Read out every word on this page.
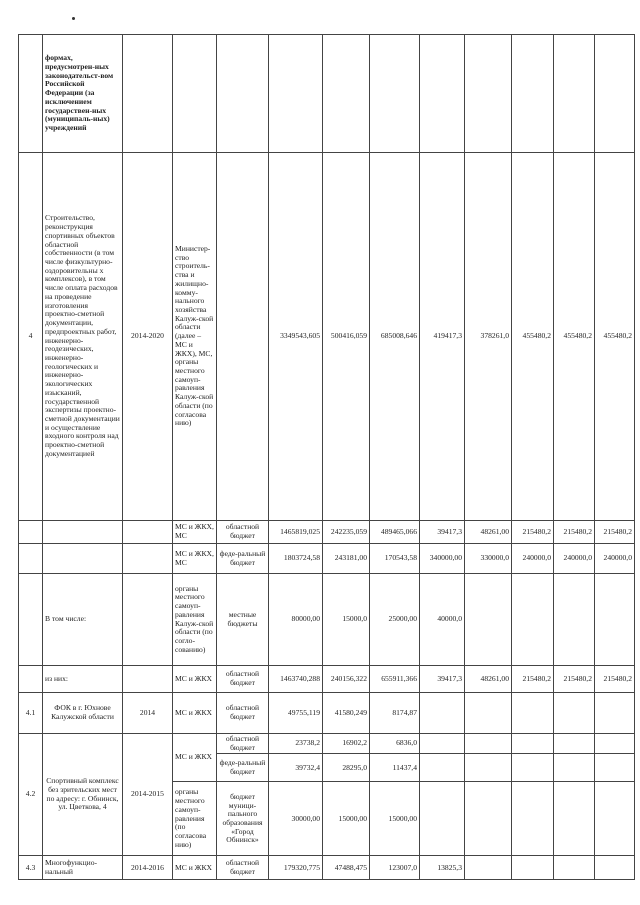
	формах, предусмотрен-ных законодательст-вом Российской Федерации (за исключением государствен-ных (муниципаль-ных) учреждений											
4	Строительство, реконструкция спортивных объектов областной собственности (в том числе физкультурно-оздоровительны х комплексов), в том числе оплата расходов на проведение изготовления проектно-сметной документации, предпроектных работ, инженерно-геодезических, инженерно-геологических и инженерно-экологических изысканий, государственной экспертизы проектно-сметной документации и осуществление входного контроля над проектно-сметной документацией	2014-2020	Министер-ство строитель-ства и жилищно-комму-нального хозяйства Калуж-ской области (далее – МС и ЖКХ), МС, органы местного самоуп-равления Калуж-ской области (по согласова нию)		3349543,605	500416,059	685008,646	419417,3	378261,0	455480,2	455480,2	455480,2
			МС и ЖКХ, МС	областной бюджет	1465819,025	242235,059	489465,066	39417,3	48261,00	215480,2	215480,2	215480,2
			МС и ЖКХ, МС	феде-ральный бюджет	1803724,58	243181,00	170543,58	340000,00	330000,0	240000,0	240000,0	240000,0
	В том числе:		органы местного самоуп-равления Калуж-ской области (по согло-сованию)	местные бюджеты	80000,00	15000,0	25000,00	40000,0				
	из них:		МС и ЖКХ	областной бюджет	1463740,288	240156,322	655911,366	39417,3	48261,00	215480,2	215480,2	215480,2
4.1	ФОК в г. Юхнове Калужской области	2014	МС и ЖКХ	областной бюджет	49755,119	41580,249	8174,87					
4.2	Спортивный комплекс без зрительских мест по адресу: г. Обнинск, ул. Цветкова, 4	2014-2015	МС и ЖКХ	областной бюджет	23738,2	16902,2	6836,0					
				феде-ральный бюджет	39732,4	28295,0	11437,4					
			органы местного самоуп-равления (по согласова нию)	бюджет муници-пального образования «Город Обнинск»	30000,00	15000,00	15000,00					
4.3	Многофункцио-нальный	2014-2016	МС и ЖКХ	областной бюджет	179320,775	47488,475	123007,0	13825,3				
